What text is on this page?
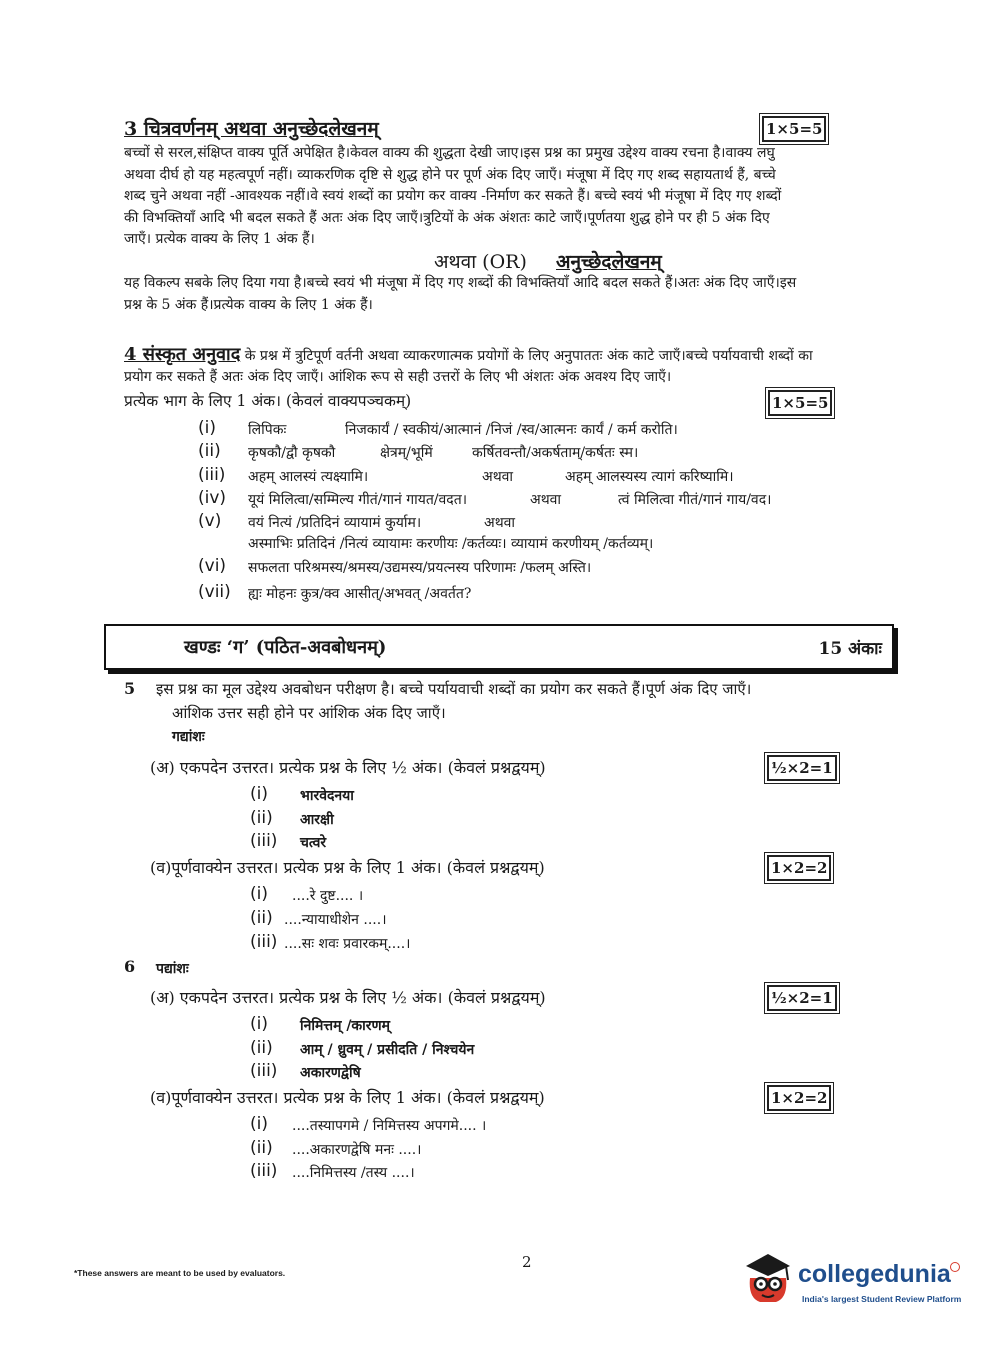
3 चित्रवर्णनम् अथवा अनुच्छेदलेखनम्	1×5=5
बच्चों से सरल,संक्षिप्त वाक्य पूर्ति अपेक्षित है।केवल वाक्य की शुद्धता देखी जाए।इस प्रश्न का प्रमुख उद्देश्य वाक्य रचना है।वाक्य लघु
अथवा दीर्घ हो यह महत्वपूर्ण नहीं। व्याकरणिक दृष्टि से शुद्ध होने पर पूर्ण अंक दिए जाएँ। मंजूषा में दिए गए शब्द सहायतार्थ हैं, बच्चे
शब्द चुने अथवा नहीं -आवश्यक नहीं।वे स्वयं शब्दों का प्रयोग कर वाक्य -निर्माण कर सकते हैं। बच्चे स्वयं भी मंजूषा में दिए गए शब्दों
की विभक्तियाँ आदि भी बदल सकते हैं अतः अंक दिए जाएँ।त्रुटियों के अंक अंशतः काटे जाएँ।पूर्णतया शुद्ध होने पर ही 5 अंक दिए
जाएँ। प्रत्येक वाक्य के लिए 1 अंक हैं।
अथवा (OR) अनुच्छेदलेखनम्
यह विकल्प सबके लिए दिया गया है।बच्चे स्वयं भी मंजूषा में दिए गए शब्दों की विभक्तियाँ आदि बदल सकते हैं।अतः अंक दिए जाएँ।इस
प्रश्न के 5 अंक हैं।प्रत्येक वाक्य के लिए 1 अंक हैं।
4 संस्कृत अनुवाद के प्रश्न में त्रुटिपूर्ण वर्तनी अथवा व्याकरणात्मक प्रयोगों के लिए अनुपाततः अंक काटे जाएँ।बच्चे पर्यायवाची शब्दों का
प्रयोग कर सकते हैं अतः अंक दिए जाएँ। आंशिक रूप से सही उत्तरों के लिए भी अंशतः अंक अवश्य दिए जाएँ।
प्रत्येक भाग के लिए 1 अंक। (केवलं वाक्यपञ्चकम्)	1×5=5
(i) लिपिकः	निजकार्यं / स्वकीयं/आत्मानं /निजं /स्व/आत्मनः कार्यं / कर्म करोति।
(ii) कृषकौ/द्वौ कृषकौ	क्षेत्रम्/भूमिं	कर्षितवन्तौ/अकर्षताम्/कर्षतः स्म।
(iii) अहम् आलस्यं त्यक्ष्यामि।	अथवा	अहम् आलस्यस्य त्यागं करिष्यामि।
(iv) यूयं मिलित्वा/सम्मिल्य गीतं/गानं गायत/वदत।	अथवा	त्वं मिलित्वा गीतं/गानं गाय/वद।
(v) वयं नित्यं /प्रतिदिनं व्यायामं कुर्याम।	अथवा
अस्माभिः प्रतिदिनं /नित्यं व्यायामः करणीयः /कर्तव्यः। व्यायामं करणीयम् /कर्तव्यम्।
(vi) सफलता परिश्रमस्य/श्रमस्य/उद्यमस्य/प्रयत्नस्य परिणामः /फलम् अस्ति।
(vii) ह्यः मोहनः कुत्र/क्व आसीत्/अभवत् /अवर्तत?
खण्डः ‘ग’ (पठित-अवबोधनम्)	15 अंकाः
5 इस प्रश्न का मूल उद्देश्य अवबोधन परीक्षण है। बच्चे पर्यायवाची शब्दों का प्रयोग कर सकते हैं।पूर्ण अंक दिए जाएँ।
आंशिक उत्तर सही होने पर आंशिक अंक दिए जाएँ।
गद्यांशः
(अ) एकपदेन उत्तरत। प्रत्येक प्रश्न के लिए ½ अंक। (केवलं प्रश्नद्वयम्)	½×2=1
(i) भारवेदनया
(ii) आरक्षी
(iii) चत्वरे
(व)पूर्णवाक्येन उत्तरत। प्रत्येक प्रश्न के लिए 1 अंक। (केवलं प्रश्नद्वयम्)	1×2=2
(i) ....रे दुष्ट.... ।
(ii) ....न्यायाधीशेन ....।
(iii) ....सः शवः प्रवारकम्....।
6 पद्यांशः
(अ) एकपदेन उत्तरत। प्रत्येक प्रश्न के लिए ½ अंक। (केवलं प्रश्नद्वयम्)	½×2=1
(i) निमित्तम् /कारणम्
(ii) आम् / ध्रुवम् / प्रसीदति / निश्चयेन
(iii) अकारणद्वेषि
(व)पूर्णवाक्येन उत्तरत। प्रत्येक प्रश्न के लिए 1 अंक। (केवलं प्रश्नद्वयम्)	1×2=2
(i) ....तस्यापगमे / निमित्तस्य अपगमे.... ।
(ii) ....अकारणद्वेषि मनः ....।
(iii) ....निमित्तस्य /तस्य ....।
2
*These answers are meant to be used by evaluators.	collegedunia
India's largest Student Review Platform
